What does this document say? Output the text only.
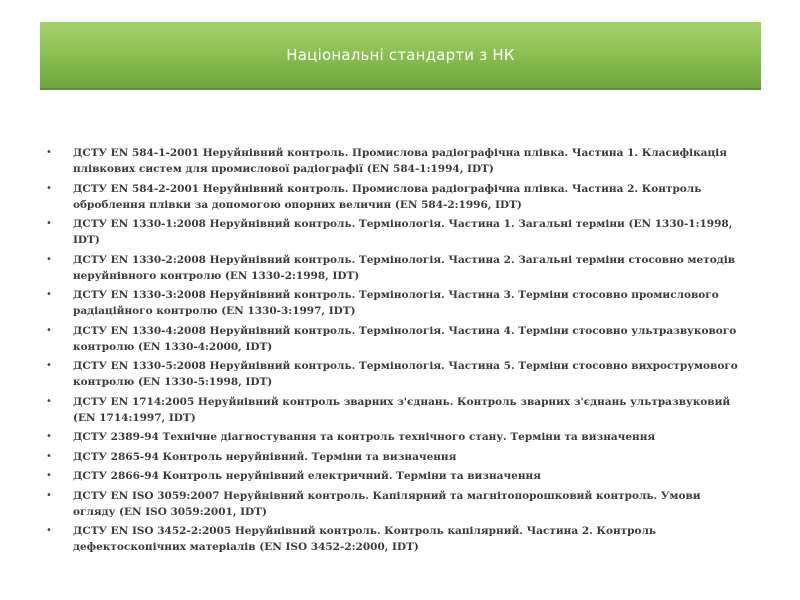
Національні стандарти з НК
• ДСТУ EN 584-1-2001 Неруйнівний контроль. Промислова радіографічна плівка. Частина 1. Класифікація плівкових систем для промислової радіографії (EN 584-1:1994, IDT)
• ДСТУ EN 584-2-2001 Неруйнівний контроль. Промислова радіографічна плівка. Частина 2. Контроль оброблення плівки за допомогою опорних величин (EN 584-2:1996, IDT)
• ДСТУ EN 1330-1:2008 Неруйнівний контроль. Термінологія. Частина 1. Загальні терміни (EN 1330-1:1998, IDT)
• ДСТУ EN 1330-2:2008 Неруйнівний контроль. Термінологія. Частина 2. Загальні терміни стосовно методів неруйнівного контролю (EN 1330-2:1998, IDT)
• ДСТУ EN 1330-3:2008 Неруйнівний контроль. Термінологія. Частина 3. Терміни стосовно промислового радіаційного контролю (EN 1330-3:1997, IDT)
• ДСТУ EN 1330-4:2008 Неруйнівний контроль. Термінологія. Частина 4. Терміни стосовно ультразвукового контролю (EN 1330-4:2000, IDT)
• ДСТУ EN 1330-5:2008 Неруйнівний контроль. Термінологія. Частина 5. Терміни стосовно вихрострумового контролю (EN 1330-5:1998, IDT)
• ДСТУ EN 1714:2005 Неруйнівний контроль зварних з'єднань. Контроль зварних з'єднань ультразвуковий (EN 1714:1997, IDT)
• ДСТУ 2389-94 Технічне діагностування та контроль технічного стану. Терміни та визначення
• ДСТУ 2865-94 Контроль неруйнівний. Терміни та визначення
• ДСТУ 2866-94 Контроль неруйнівний електричний. Терміни та визначення
• ДСТУ EN ISO 3059:2007 Неруйнівний контроль. Капілярний та магнітопорошковий контроль. Умови огляду (EN ISO 3059:2001, IDT)
• ДСТУ EN ISO 3452-2:2005 Неруйнівний контроль. Контроль капілярний. Частина 2. Контроль дефектоскопічних матеріалів (EN ISO 3452-2:2000, IDT)
